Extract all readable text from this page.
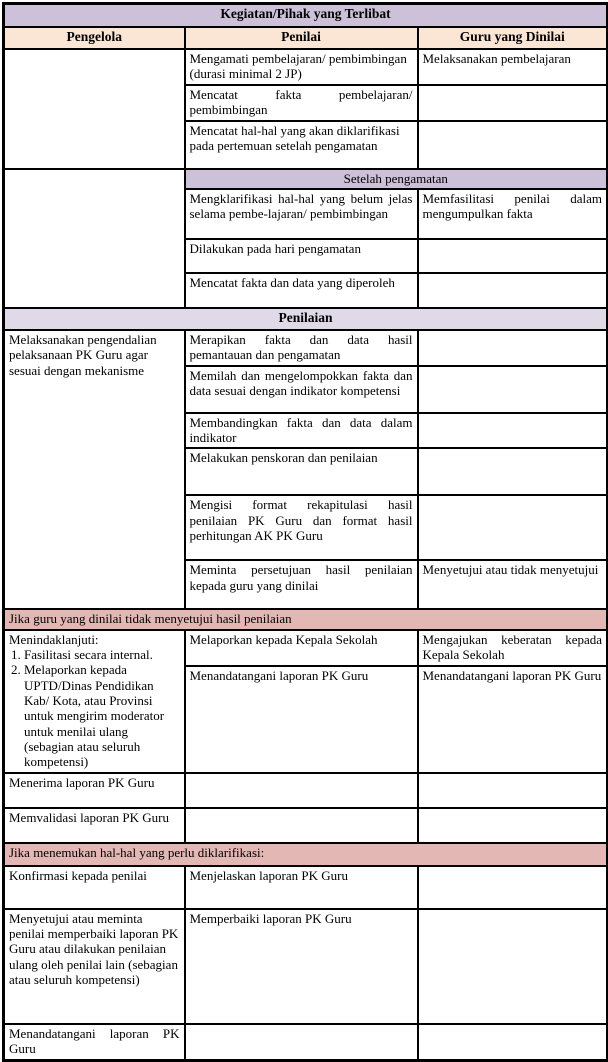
Kegiatan/Pihak yang Terlibat		
Pengelola	Penilai	Guru yang Dinilai
	Mengamati pembelajaran/ pembimbingan (durasi minimal 2 JP)	Melaksanakan pembelajaran
	Mencatat fakta pembelajaran/ pembimbingan	
	Mencatat hal-hal yang akan diklarifikasi pada pertemuan setelah pengamatan	
	Setelah pengamatan	
	Mengklarifikasi hal-hal yang belum jelas selama pembe-lajaran/ pembimbingan	Memfasilitasi penilai dalam mengumpulkan fakta
	Dilakukan pada hari pengamatan	
	Mencatat fakta dan data yang diperoleh	
Penilaian		
Melaksanakan pengendalian pelaksanaan PK Guru agar sesuai dengan mekanisme	Merapikan fakta dan data hasil pemantauan dan pengamatan	
	Memilah dan mengelompokkan fakta dan data sesuai dengan indikator kompetensi	
	Membandingkan fakta dan data dalam indikator	
	Melakukan penskoran dan penilaian	
	Mengisi format rekapitulasi hasil penilaian PK Guru dan format hasil perhitungan AK PK Guru	
	Meminta persetujuan hasil penilaian kepada guru yang dinilai	Menyetujui atau tidak menyetujui
Jika guru yang dinilai tidak menyetujui hasil penilaian		

Menindaklanjuti:
1. Fasilitasi secara internal.
2. Melaporkan kepada UPTD/Dinas Pendidikan Kab/ Kota, atau Provinsi untuk mengirim moderator untuk menilai ulang (sebagian atau seluruh kompetensi)
	Melaporkan kepada Kepala Sekolah	Mengajukan keberatan kepada Kepala Sekolah
	Menandatangani laporan PK Guru	Menandatangani laporan PK Guru
Menerima laporan PK Guru		
Memvalidasi laporan PK Guru		
Jika menemukan hal-hal yang perlu diklarifikasi:		
Konfirmasi kepada penilai	Menjelaskan laporan PK Guru	
Menyetujui atau meminta penilai memperbaiki laporan PK Guru atau dilakukan penilaian ulang oleh penilai lain (sebagian atau seluruh kompetensi)	Memperbaiki laporan PK Guru	
Menandatangani laporan PK Guru		
